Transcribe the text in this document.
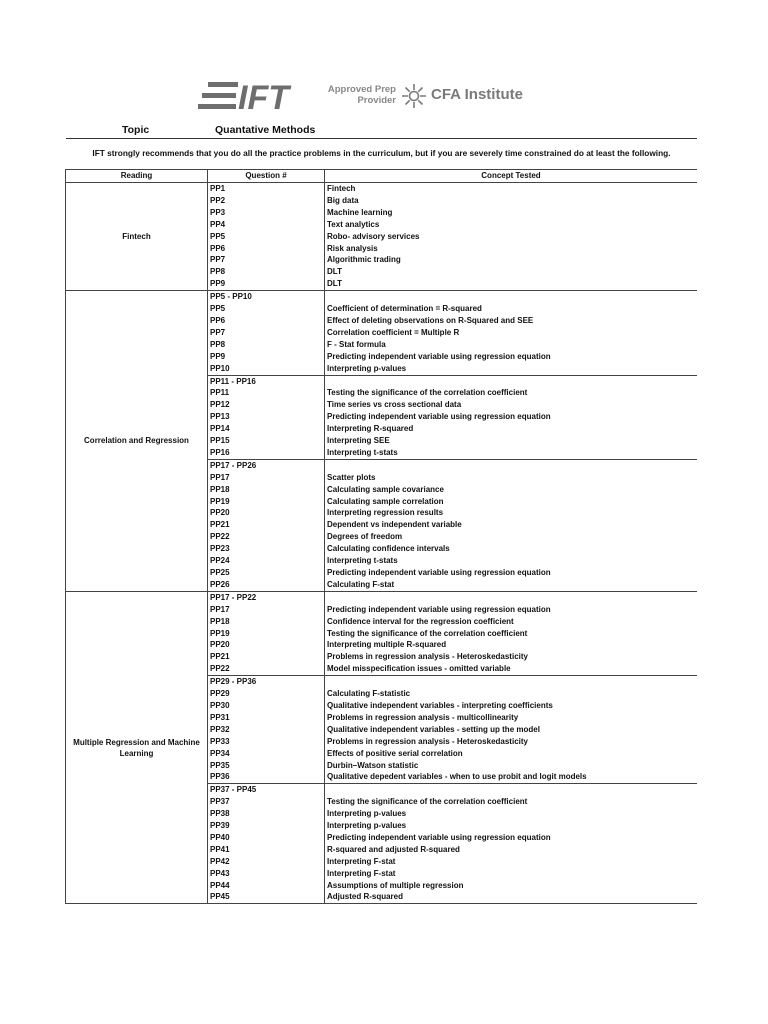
IFT	Approved Prep
Provider CFA Institute
Topic	Quantative Methods
IFT strongly recommends that you do all the practice problems in the curriculum, but if you are severely time constrained do at least the following.
Reading	Question #	Concept Tested
Fintech	PP1	Fintech
	PP2	Big data
	PP3	Machine learning
	PP4	Text analytics
	PP5	Robo- advisory services
	PP6	Risk analysis
	PP7	Algorithmic trading
	PP8	DLT
	PP9	DLT
Correlation and Regression	PP5 - PP10	
	PP5	Coefficient of determination = R-squared
	PP6	Effect of deleting observations on R-Squared and SEE
	PP7	Correlation coefficient = Multiple R
	PP8	F - Stat formula
	PP9	Predicting independent variable using regression equation
	PP10	Interpreting p-values
	PP11 - PP16	
	PP11	Testing the significance of the correlation coefficient
	PP12	Time series vs cross sectional data
	PP13	Predicting independent variable using regression equation
	PP14	Interpreting R-squared
	PP15	Interpreting SEE
	PP16	Interpreting t-stats
	PP17 - PP26	
	PP17	Scatter plots
	PP18	Calculating sample covariance
	PP19	Calculating sample correlation
	PP20	Interpreting regression results
	PP21	Dependent vs independent variable
	PP22	Degrees of freedom
	PP23	Calculating confidence intervals
	PP24	Interpreting t-stats
	PP25	Predicting independent variable using regression equation
	PP26	Calculating F-stat
Multiple Regression and Machine Learning	PP17 - PP22	
	PP17	Predicting independent variable using regression equation
	PP18	Confidence interval for the regression coefficient
	PP19	Testing the significance of the correlation coefficient
	PP20	Interpreting multiple R-squared
	PP21	Problems in regression analysis - Heteroskedasticity
	PP22	Model misspecification issues - omitted variable
	PP29 - PP36	
	PP29	Calculating F-statistic
	PP30	Qualitative independent variables - interpreting coefficients
	PP31	Problems in regression analysis - multicollinearity
	PP32	Qualitative independent variables - setting up the model
	PP33	Problems in regression analysis - Heteroskedasticity
	PP34	Effects of positive serial correlation
	PP35	Durbin–Watson statistic
	PP36	Qualitative depedent variables - when to use probit and logit models
	PP37 - PP45	
	PP37	Testing the significance of the correlation coefficient
	PP38	Interpreting p-values
	PP39	Interpreting p-values
	PP40	Predicting independent variable using regression equation
	PP41	R-squared and adjusted R-squared
	PP42	Interpreting F-stat
	PP43	Interpreting F-stat
	PP44	Assumptions of multiple regression
	PP45	Adjusted R-squared
